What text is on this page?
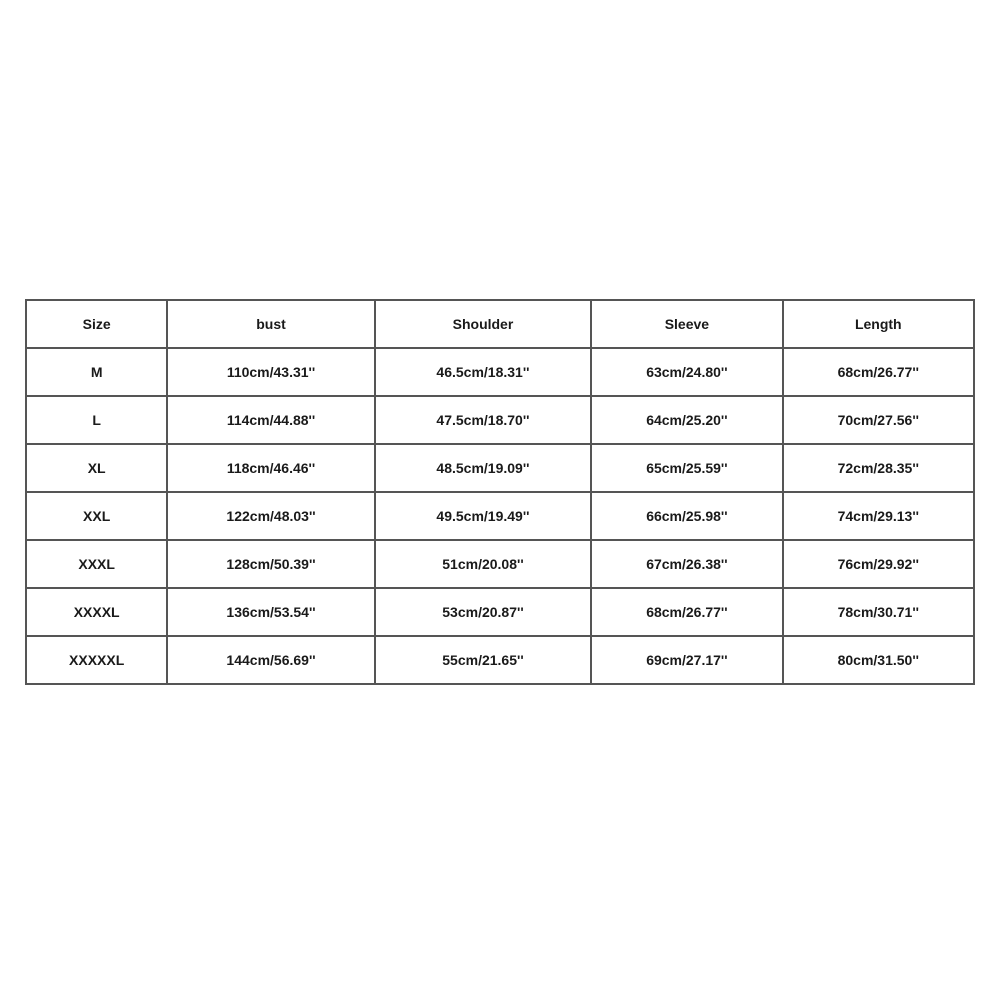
Size	bust	Shoulder	Sleeve	Length
M	110cm/43.31''	46.5cm/18.31''	63cm/24.80''	68cm/26.77''
L	114cm/44.88''	47.5cm/18.70''	64cm/25.20''	70cm/27.56''
XL	118cm/46.46''	48.5cm/19.09''	65cm/25.59''	72cm/28.35''
XXL	122cm/48.03''	49.5cm/19.49''	66cm/25.98''	74cm/29.13''
XXXL	128cm/50.39''	51cm/20.08''	67cm/26.38''	76cm/29.92''
XXXXL	136cm/53.54''	53cm/20.87''	68cm/26.77''	78cm/30.71''
XXXXXL	144cm/56.69''	55cm/21.65''	69cm/27.17''	80cm/31.50''
